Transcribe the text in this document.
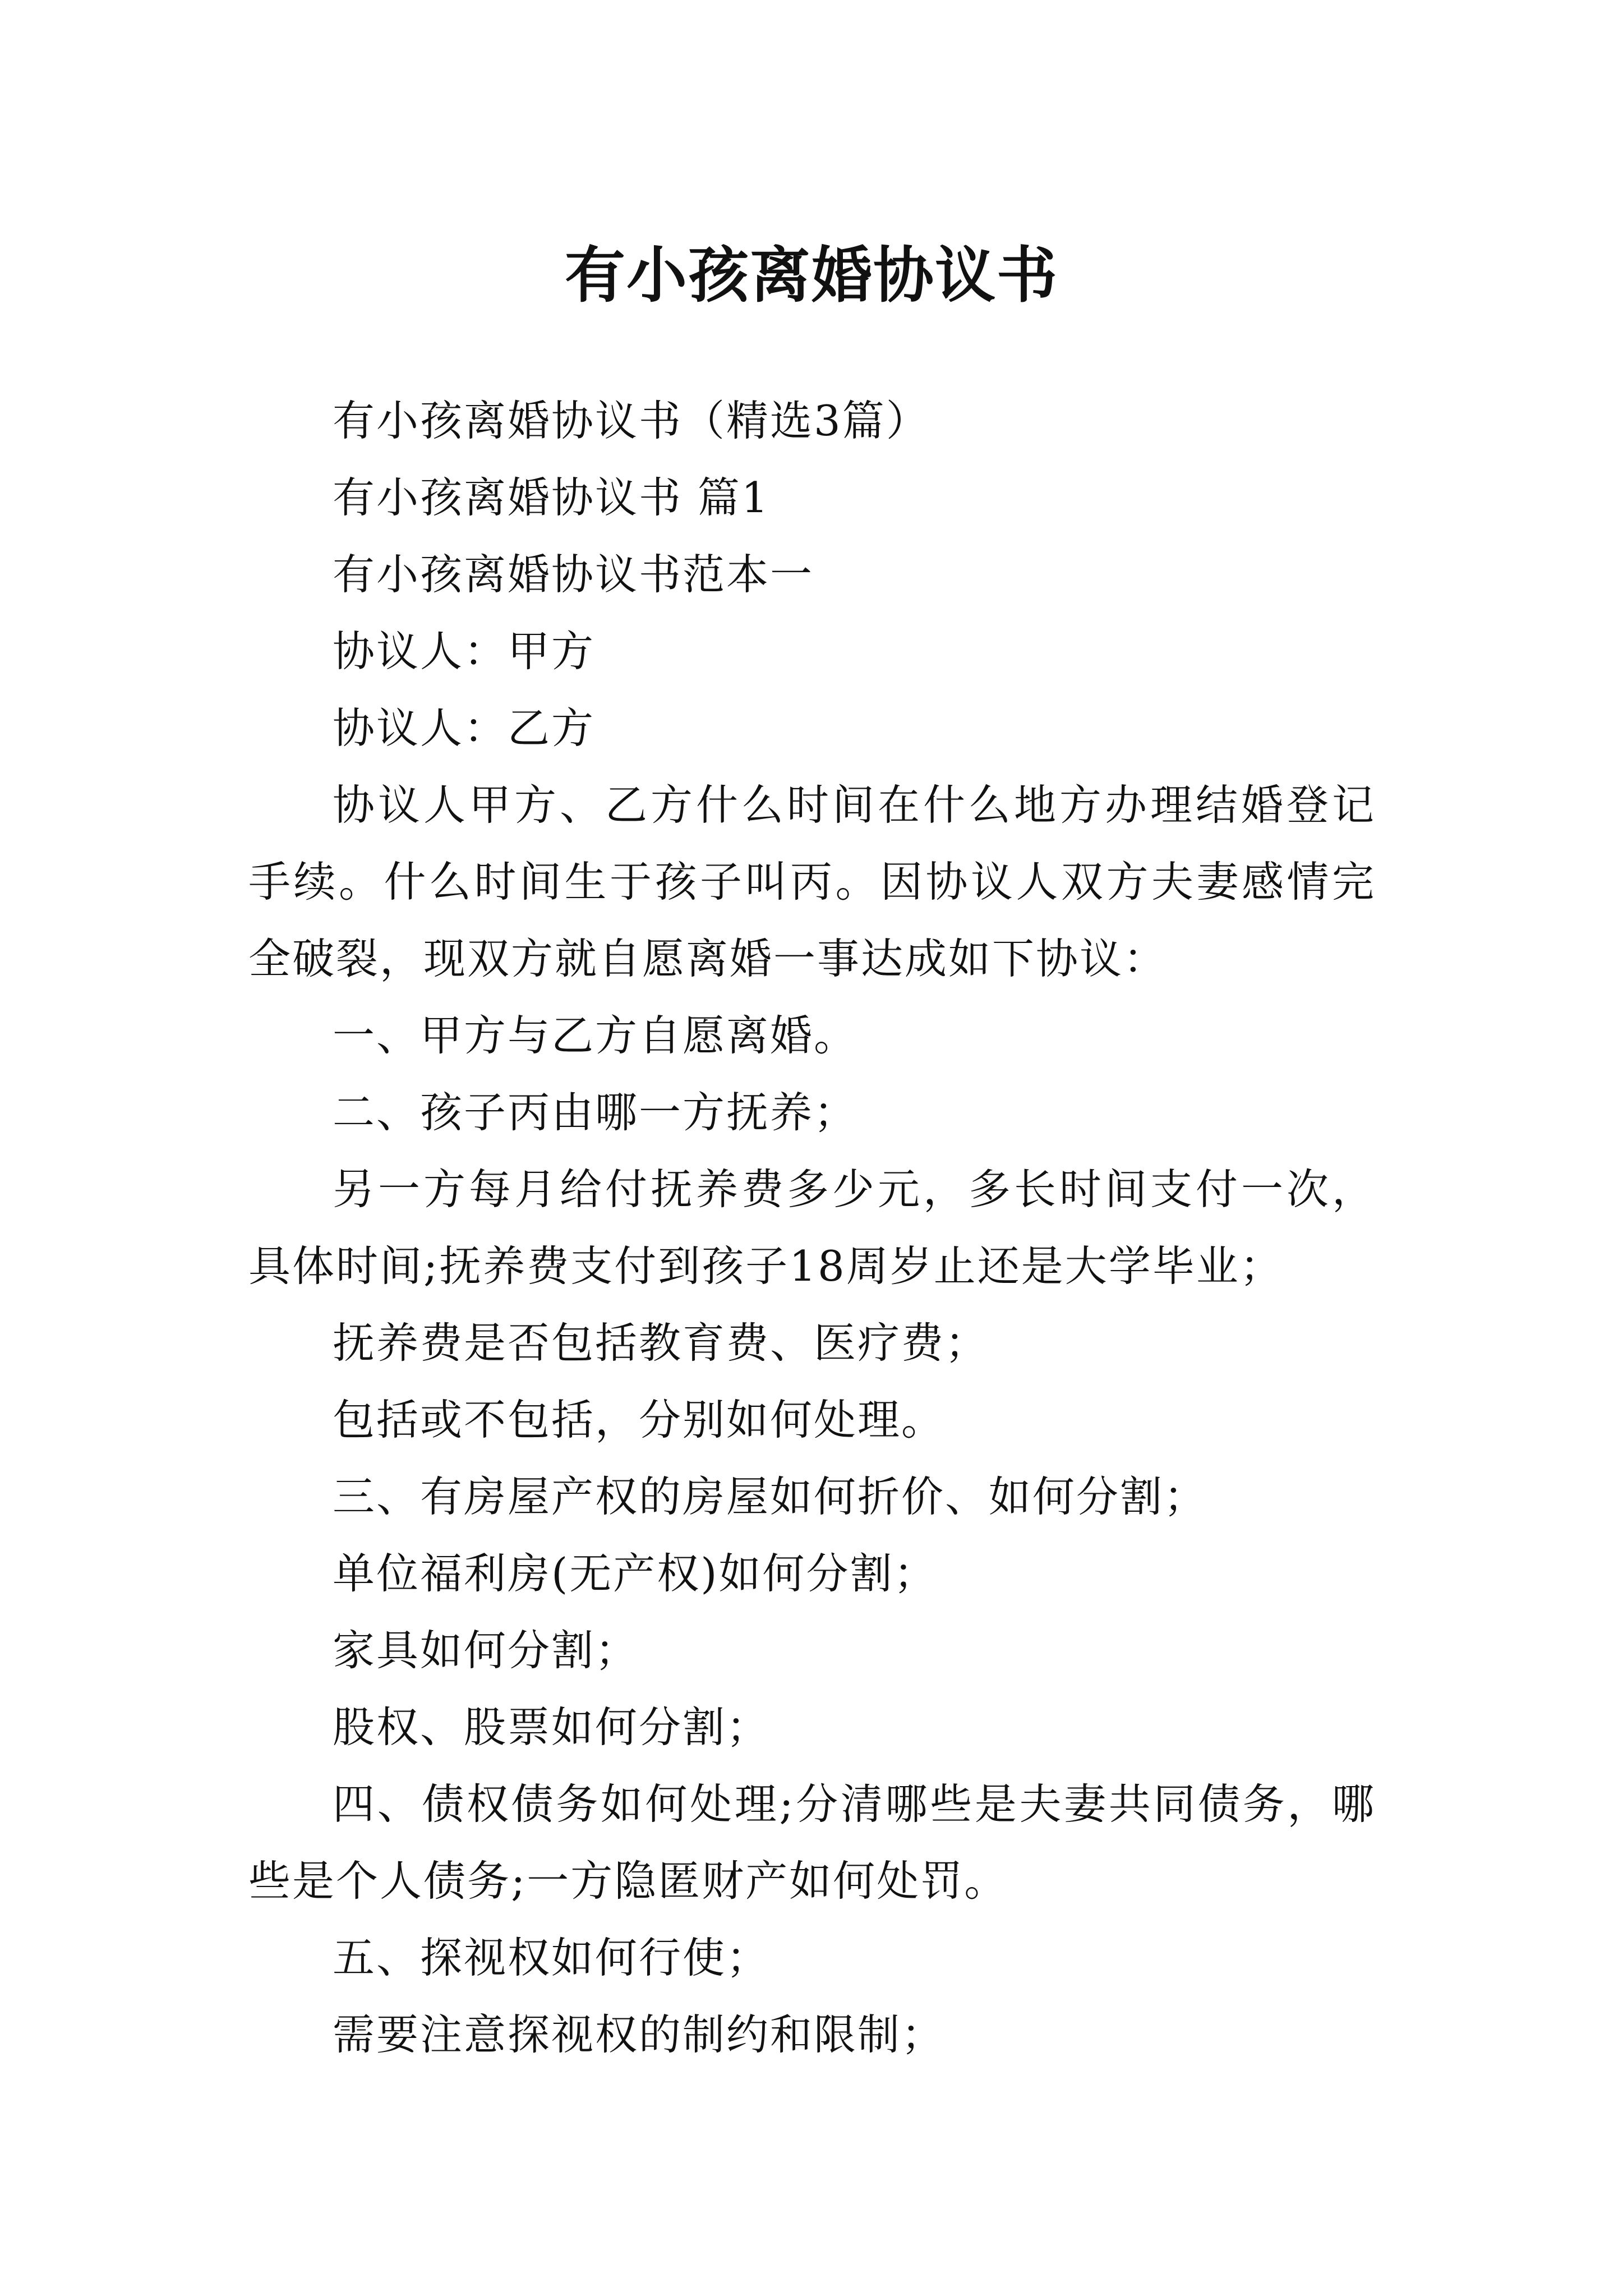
有小孩离婚协议书

有小孩离婚协议书（精选3篇）

有小孩离婚协议书 篇1

有小孩离婚协议书范本一

协议人：甲方

协议人：乙方

协议人甲方、乙方什么时间在什么地方办理结婚登记手续。什么时间生于孩子叫丙。因协议人双方夫妻感情完全破裂，现双方就自愿离婚一事达成如下协议：

一、甲方与乙方自愿离婚。

二、孩子丙由哪一方抚养；

另一方每月给付抚养费多少元，多长时间支付一次，具体时间;抚养费支付到孩子18周岁止还是大学毕业；

抚养费是否包括教育费、医疗费；

包括或不包括，分别如何处理。

三、有房屋产权的房屋如何折价、如何分割；

单位福利房(无产权)如何分割；

家具如何分割；

股权、股票如何分割；

四、债权债务如何处理;分清哪些是夫妻共同债务，哪些是个人债务;一方隐匿财产如何处罚。

五、探视权如何行使；

需要注意探视权的制约和限制；
